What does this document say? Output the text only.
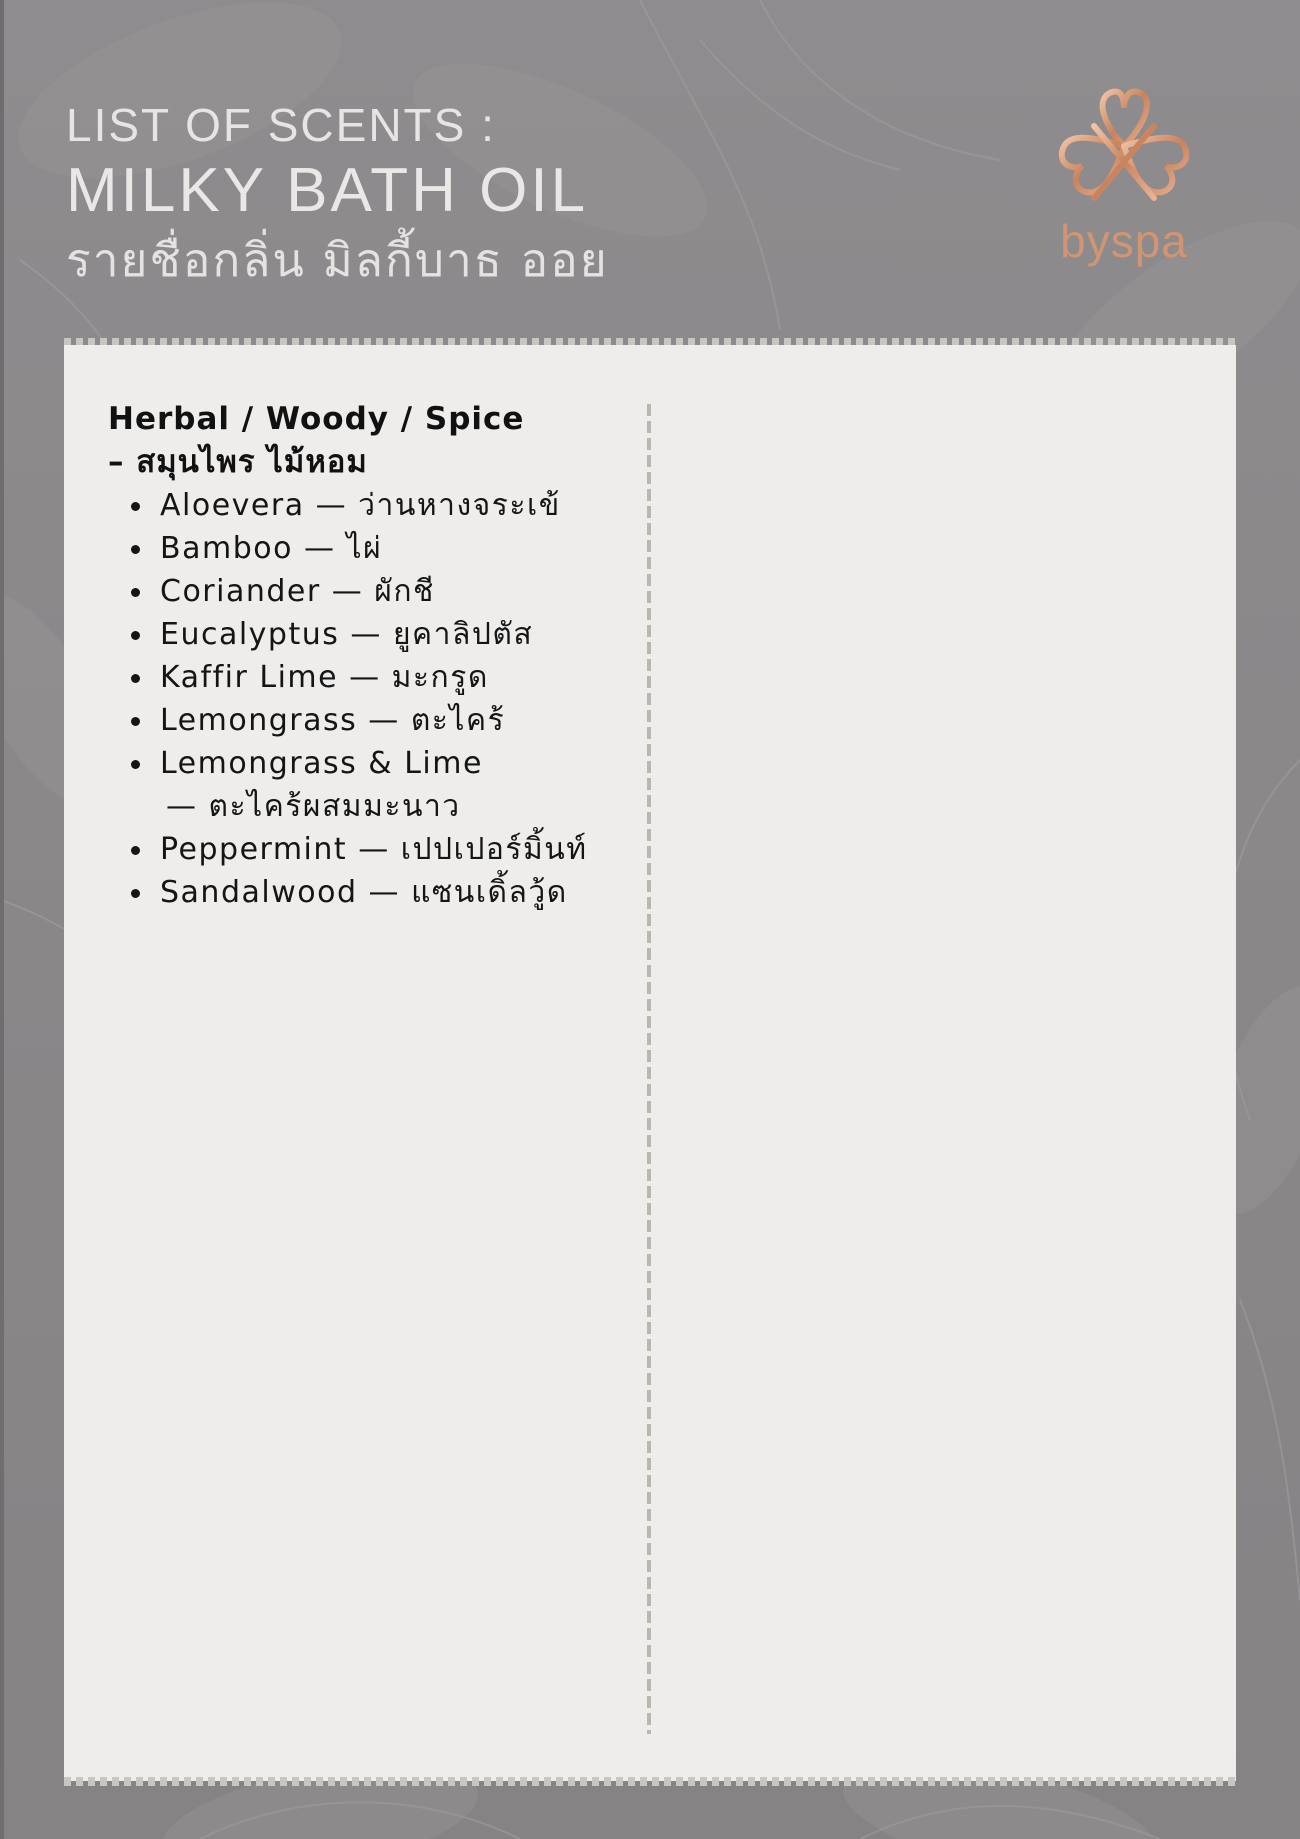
LIST OF SCENTS :
MILKY BATH OIL
รายชื่อกลิ่น มิลกี้บาธ ออย	byspa
Herbal / Woody / Spice
– สมุนไพร ไม้หอม
Aloevera — ว่านหางจระเข้
Bamboo — ไผ่
Coriander — ผักชี
Eucalyptus — ยูคาลิปตัส
Kaffir Lime — มะกรูด
Lemongrass — ตะไคร้
Lemongrass & Lime
— ตะไคร้ผสมมะนาว
Peppermint — เปปเปอร์มิ้นท์
Sandalwood — แซนเดิ้ลวู้ด
